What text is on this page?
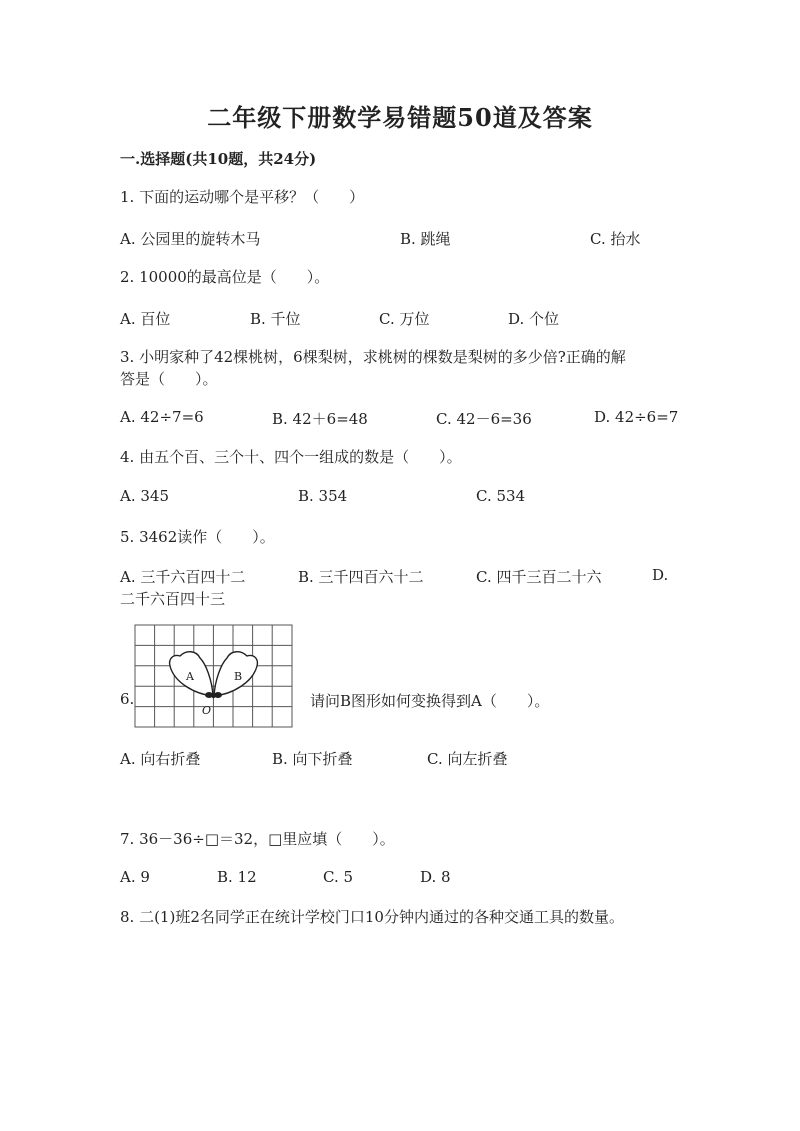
二年级下册数学易错题50道及答案
一.选择题(共10题，共24分)
1. 下面的运动哪个是平移？（　　）
A. 公园里的旋转木马	B. 跳绳	C. 抬水
2. 10000的最高位是（　　）。
A. 百位	B. 千位	C. 万位	D. 个位
3. 小明家种了42棵桃树，6棵梨树，求桃树的棵数是梨树的多少倍?正确的解
答是（　　）。
A. 42÷7=6	B. 42＋6=48	C. 42－6=36	D. 42÷6=7
4. 由五个百、三个十、四个一组成的数是（　　）。
A. 345	B. 354	C. 534
5. 3462读作（　　）。
A. 三千六百四十二	B. 三千四百六十二	C. 四千三百二十六	D.
二千六百四十三
6.
A	B
O
请问B图形如何变换得到A（　　）。
A. 向右折叠	B. 向下折叠	C. 向左折叠
7. 36－36÷□＝32，□里应填（　　）。
A. 9	B. 12	C. 5	D. 8
8. 二(1)班2名同学正在统计学校门口10分钟内通过的各种交通工具的数量。
